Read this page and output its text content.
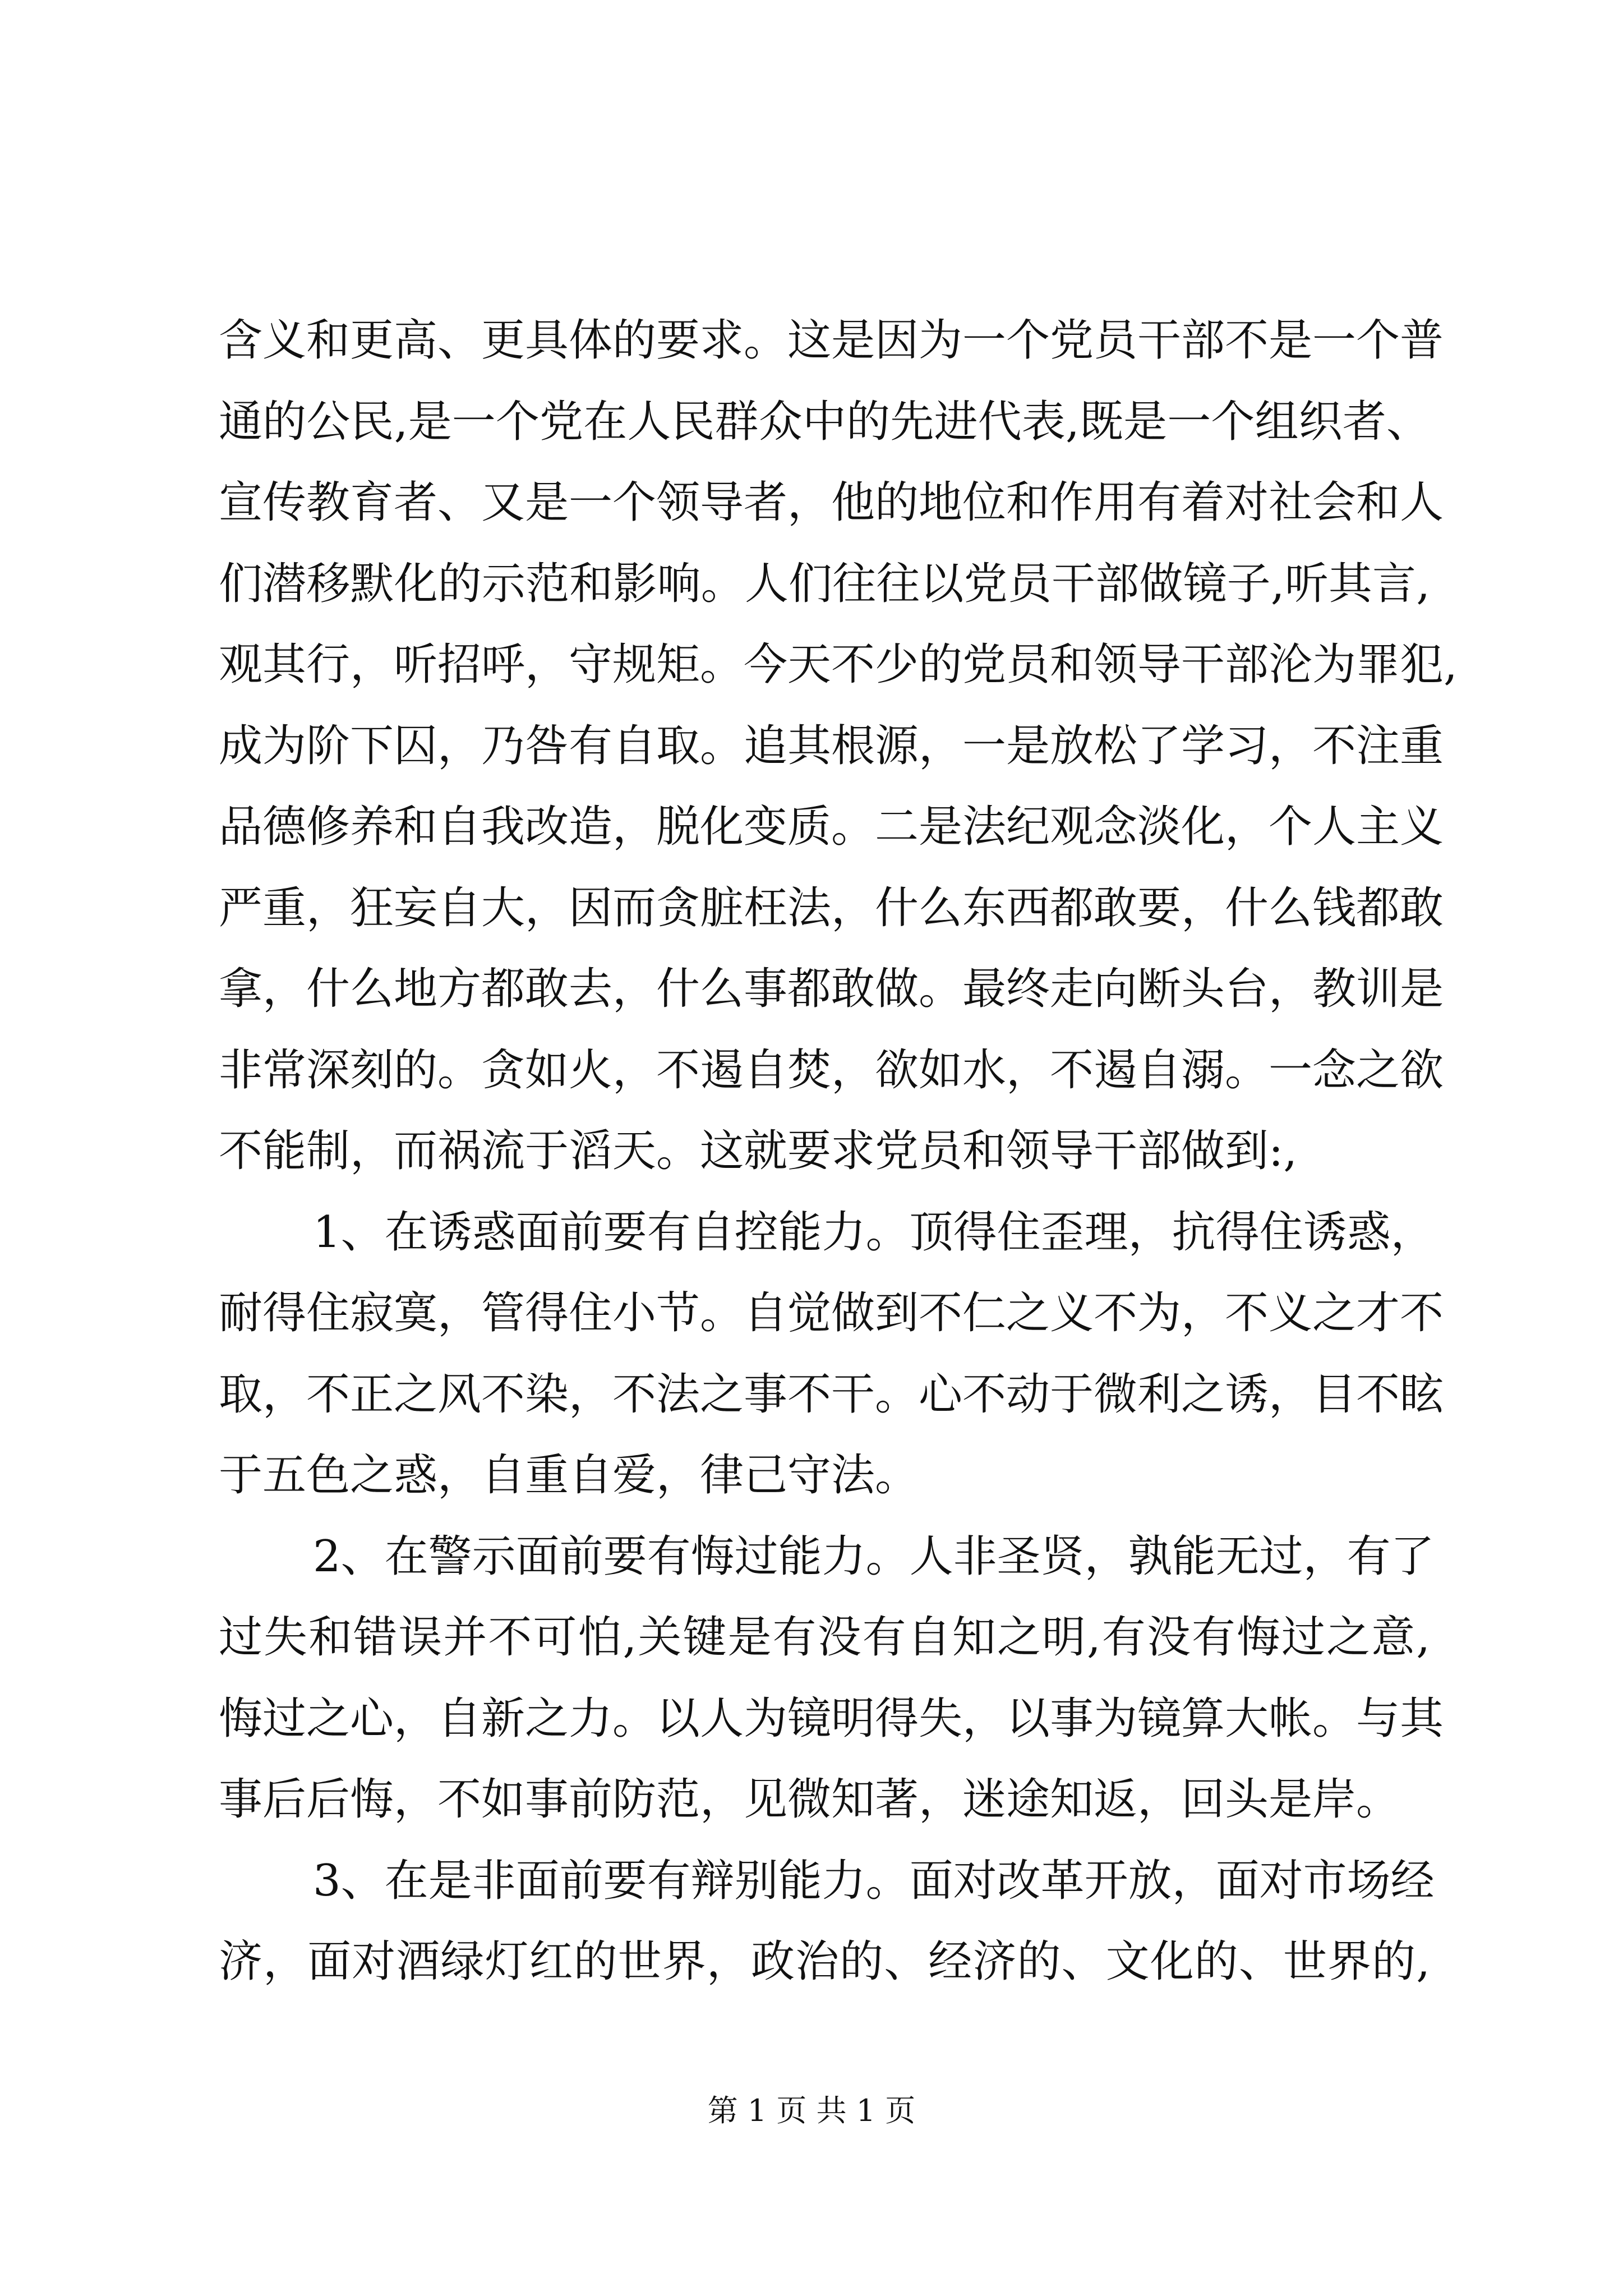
含义和更高、更具体的要求。这是因为一个党员干部不是一个普
通的公民,是一个党在人民群众中的先进代表,既是一个组织者、
宣传教育者、又是一个领导者，他的地位和作用有着对社会和人
们潜移默化的示范和影响。人们往往以党员干部做镜子,听其言,
观其行，听招呼，守规矩。今天不少的党员和领导干部沦为罪犯,
成为阶下囚，乃咎有自取。追其根源，一是放松了学习，不注重
品德修养和自我改造，脱化变质。二是法纪观念淡化，个人主义
严重，狂妄自大，因而贪脏枉法，什么东西都敢要，什么钱都敢
拿，什么地方都敢去，什么事都敢做。最终走向断头台，教训是
非常深刻的。贪如火，不遏自焚，欲如水，不遏自溺。一念之欲
不能制，而祸流于滔天。这就要求党员和领导干部做到:,
1、在诱惑面前要有自控能力。顶得住歪理，抗得住诱惑，
耐得住寂寞，管得住小节。自觉做到不仁之义不为，不义之才不
取，不正之风不染，不法之事不干。心不动于微利之诱，目不眩
于五色之惑，自重自爱，律己守法。
2、在警示面前要有悔过能力。人非圣贤，孰能无过，有了
过失和错误并不可怕,关键是有没有自知之明,有没有悔过之意,
悔过之心，自新之力。以人为镜明得失，以事为镜算大帐。与其
事后后悔，不如事前防范，见微知著，迷途知返，回头是岸。
3、在是非面前要有辩别能力。面对改革开放，面对市场经
济，面对酒绿灯红的世界，政治的、经济的、文化的、世界的,
第 1 页 共 1 页
